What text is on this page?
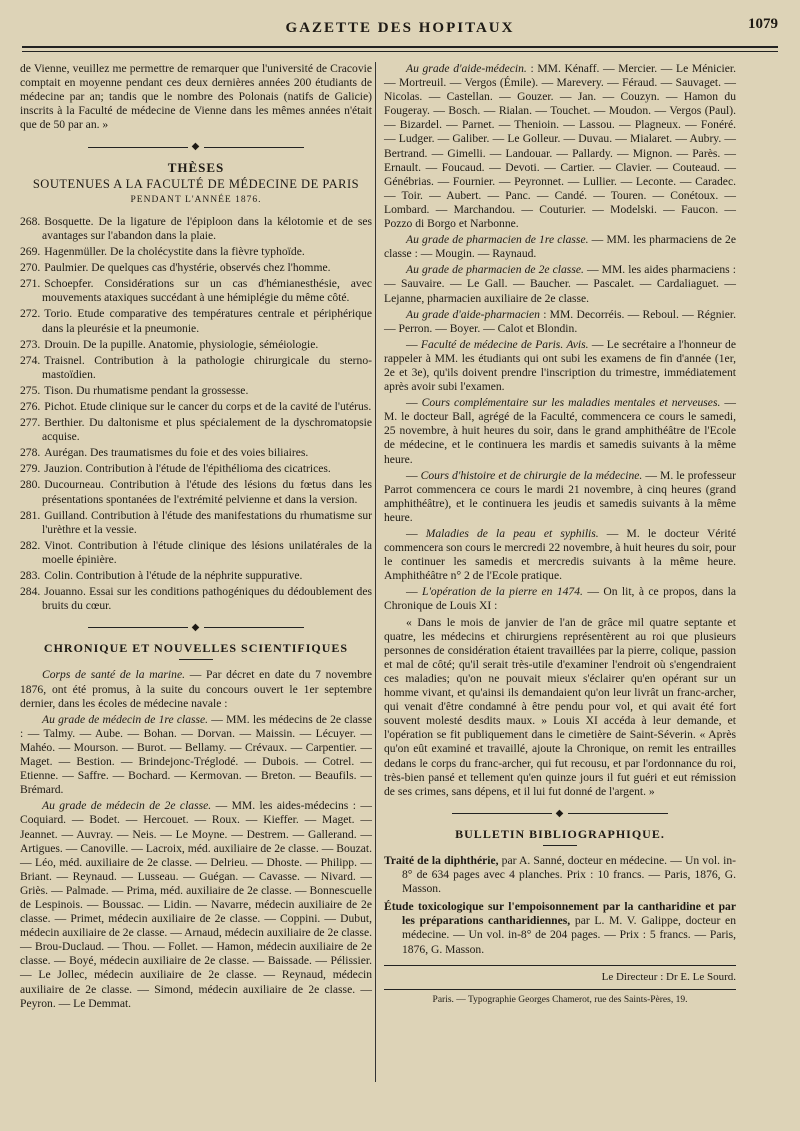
GAZETTE DES HOPITAUX	1079

de Vienne, veuillez me permettre de remarquer que l'université de Cracovie comptait en moyenne pendant ces deux dernières années 200 étudiants de médecine par an; tandis que le nombre des Polonais (natifs de Galicie) inscrits à la Faculté de médecine de Vienne dans les mêmes années n'était que de 50 par an. »

◆
THÈSES
SOUTENUES A LA FACULTÉ DE MÉDECINE DE PARIS
PENDANT L'ANNÉE 1876.

268. Bosquette. De la ligature de l'épiploon dans la kélotomie et de ses avantages sur l'abandon dans la plaie.

269. Hagenmüller. De la cholécystite dans la fièvre typhoïde.

270. Paulmier. De quelques cas d'hystérie, observés chez l'homme.

271. Schoepfer. Considérations sur un cas d'hémianesthésie, avec mouvements ataxiques succédant à une hémiplégie du même côté.

272. Torio. Etude comparative des températures centrale et périphérique dans la pleurésie et la pneumonie.

273. Drouin. De la pupille. Anatomie, physiologie, séméiologie.

274. Traisnel. Contribution à la pathologie chirurgicale du sterno-mastoïdien.

275. Tison. Du rhumatisme pendant la grossesse.

276. Pichot. Etude clinique sur le cancer du corps et de la cavité de l'utérus.

277. Berthier. Du daltonisme et plus spécialement de la dyschromatopsie acquise.

278. Aurégan. Des traumatismes du foie et des voies biliaires.

279. Jauzion. Contribution à l'étude de l'épithélioma des cicatrices.

280. Ducourneau. Contribution à l'étude des lésions du fœtus dans les présentations spontanées de l'extrémité pelvienne et dans la version.

281. Guilland. Contribution à l'étude des manifestations du rhumatisme sur l'urèthre et la vessie.

282. Vinot. Contribution à l'étude clinique des lésions unilatérales de la moelle épinière.

283. Colin. Contribution à l'étude de la néphrite suppurative.

284. Jouanno. Essai sur les conditions pathogéniques du dédoublement des bruits du cœur.

◆
CHRONIQUE ET NOUVELLES SCIENTIFIQUES

Corps de santé de la marine. — Par décret en date du 7 novembre 1876, ont été promus, à la suite du concours ouvert le 1er septembre dernier, dans les écoles de médecine navale :

Au grade de médecin de 1re classe. — MM. les médecins de 2e classe : — Talmy. — Aube. — Bohan. — Dorvan. — Maissin. — Lécuyer. — Mahéo. — Mourson. — Burot. — Bellamy. — Crévaux. — Carpentier. — Maget. — Bestion. — Brindejonc-Tréglodé. — Dubois. — Cotrel. — Etienne. — Saffre. — Bochard. — Kermovan. — Breton. — Beaufils. — Brémard.

Au grade de médecin de 2e classe. — MM. les aides-médecins : — Coquiard. — Bodet. — Hercouet. — Roux. — Kieffer. — Maget. — Jeannet. — Auvray. — Neis. — Le Moyne. — Destrem. — Gallerand. — Artigues. — Canoville. — Lacroix, méd. auxiliaire de 2e classe. — Bouzat. — Léo, méd. auxiliaire de 2e classe. — Delrieu. — Dhoste. — Philipp. — Briant. — Reynaud. — Lusseau. — Guégan. — Cavasse. — Nivard. — Griès. — Palmade. — Prima, méd. auxiliaire de 2e classe. — Bonnescuelle de Lespinois. — Boussac. — Lidin. — Navarre, médecin auxiliaire de 2e classe. — Primet, médecin auxiliaire de 2e classe. — Coppini. — Dubut, médecin auxiliaire de 2e classe. — Arnaud, médecin auxiliaire de 2e classe. — Brou-Duclaud. — Thou. — Follet. — Hamon, médecin auxiliaire de 2e classe. — Boyé, médecin auxiliaire de 2e classe. — Baissade. — Pélissier. — Le Jollec, médecin auxiliaire de 2e classe. — Reynaud, médecin auxiliaire de 2e classe. — Simond, médecin auxiliaire de 2e classe. — Peyron. — Le Demmat.

Au grade d'aide-médecin. : MM. Kénaff. — Mercier. — Le Ménicier. — Mortreuil. — Vergos (Émile). — Marevery. — Féraud. — Sauvaget. — Nicolas. — Castellan. — Gouzer. — Jan. — Couzyn. — Hamon du Fougeray. — Bosch. — Rialan. — Touchet. — Moudon. — Vergos (Paul). — Bizardel. — Parnet. — Thenioin. — Lassou. — Plagneux. — Fonéré. — Ludger. — Galiber. — Le Golleur. — Duvau. — Mialaret. — Aubry. — Bertrand. — Gimelli. — Landouar. — Pallardy. — Mignon. — Parès. — Ernault. — Foucaud. — Devoti. — Cartier. — Clavier. — Couteaud. — Génébrias. — Fournier. — Peyronnet. — Lullier. — Leconte. — Caradec. — Toir. — Aubert. — Panc. — Candé. — Touren. — Conétoux. — Lombard. — Marchandou. — Couturier. — Modelski. — Faucon. — Pozzo di Borgo et Narbonne.

Au grade de pharmacien de 1re classe. — MM. les pharmaciens de 2e classe : — Mougin. — Raynaud.

Au grade de pharmacien de 2e classe. — MM. les aides pharmaciens : — Sauvaire. — Le Gall. — Baucher. — Pascalet. — Cardaliaguet. — Lejanne, pharmacien auxiliaire de 2e classe.

Au grade d'aide-pharmacien : MM. Decorréis. — Reboul. — Régnier. — Perron. — Boyer. — Calot et Blondin.

— Faculté de médecine de Paris. Avis. — Le secrétaire a l'honneur de rappeler à MM. les étudiants qui ont subi les examens de fin d'année (1er, 2e et 3e), qu'ils doivent prendre l'inscription du trimestre, immédiatement après avoir subi l'examen.

— Cours complémentaire sur les maladies mentales et nerveuses. — M. le docteur Ball, agrégé de la Faculté, commencera ce cours le samedi, 25 novembre, à huit heures du soir, dans le grand amphithéâtre de l'Ecole de médecine, et le continuera les mardis et samedis suivants à la même heure.

— Cours d'histoire et de chirurgie de la médecine. — M. le professeur Parrot commencera ce cours le mardi 21 novembre, à cinq heures (grand amphithéâtre), et le continuera les jeudis et samedis suivants à la même heure.

— Maladies de la peau et syphilis. — M. le docteur Vérité commencera son cours le mercredi 22 novembre, à huit heures du soir, pour le continuer les samedis et mercredis suivants à la même heure. Amphithéâtre n° 2 de l'Ecole pratique.

— L'opération de la pierre en 1474. — On lit, à ce propos, dans la Chronique de Louis XI :

« Dans le mois de janvier de l'an de grâce mil quatre septante et quatre, les médecins et chirurgiens représentèrent au roi que plusieurs personnes de considération étaient travaillées par la pierre, colique, passion et mal de côté; qu'il serait très-utile d'examiner l'endroit où s'engendraient ces maladies; qu'on ne pouvait mieux s'éclairer qu'en opérant sur un homme vivant, et qu'ainsi ils demandaient qu'on leur livrât un franc-archer, qui venait d'être condamné à être pendu pour vol, et qui avait été fort souvent molesté desdits maux. » Louis XI accéda à leur demande, et l'opération se fit publiquement dans le cimetière de Saint-Séverin. « Après qu'on eût examiné et travaillé, ajoute la Chronique, on remit les entrailles dedans le corps du franc-archer, qui fut recousu, et par l'ordonnance du roi, très-bien pansé et tellement qu'en quinze jours il fut guéri et eut rémission de ses crimes, sans dépens, et il lui fut donné de l'argent. »

◆
BULLETIN BIBLIOGRAPHIQUE.

Traité de la diphthérie, par A. Sanné, docteur en médecine. — Un vol. in-8° de 634 pages avec 4 planches. Prix : 10 francs. — Paris, 1876, G. Masson.

Étude toxicologique sur l'empoisonnement par la cantharidine et par les préparations cantharidiennes, par L. M. V. Galippe, docteur en médecine. — Un vol. in-8° de 204 pages. — Prix : 5 francs. — Paris, 1876, G. Masson.

Le Directeur : Dr E. Le Sourd.
Paris. — Typographie Georges Chamerot, rue des Saints-Pères, 19.
